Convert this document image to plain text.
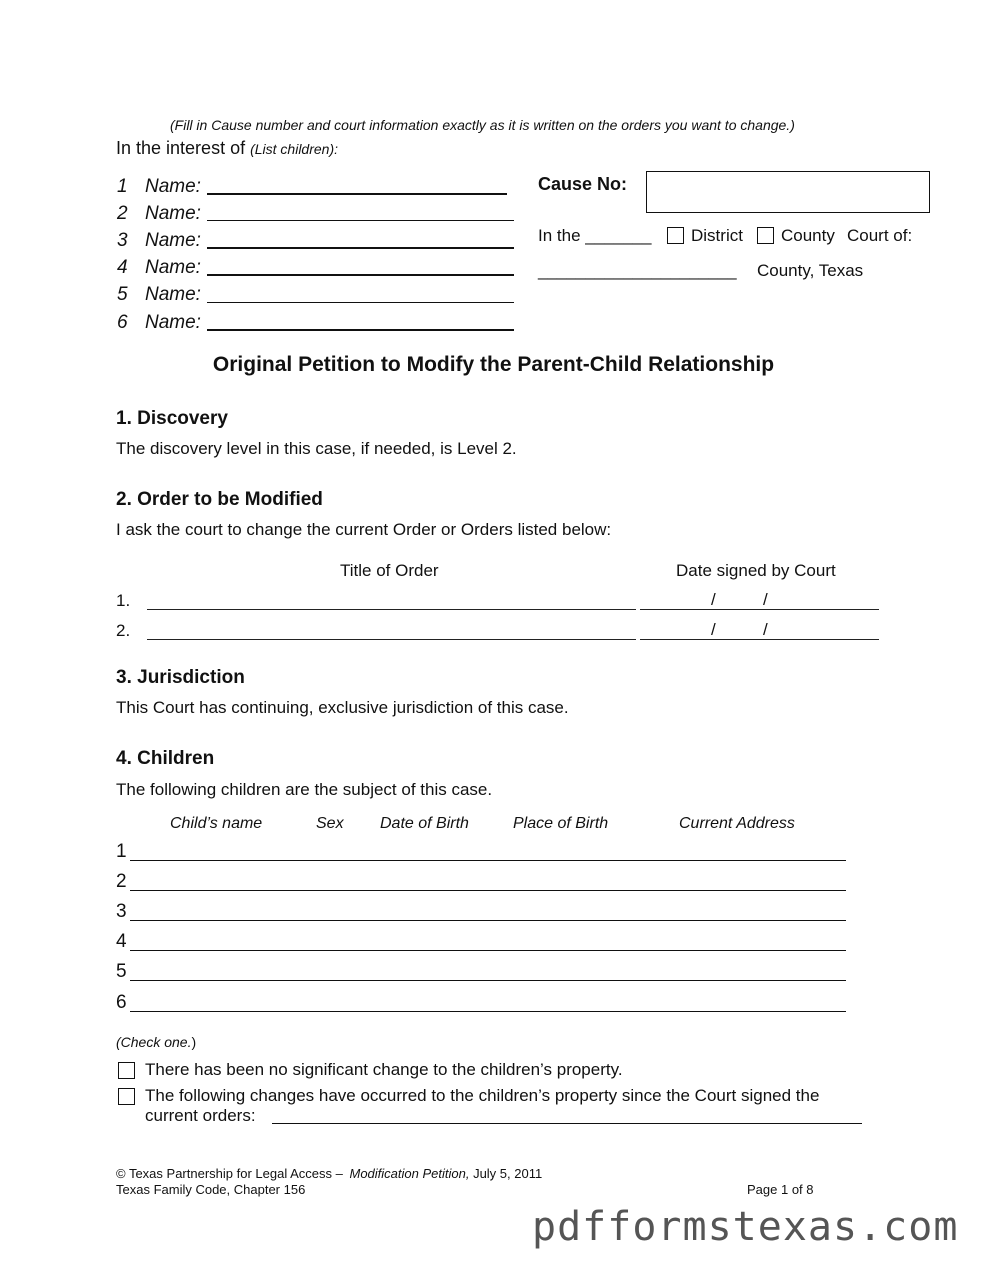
(Fill in Cause number and court information exactly as it is written on the orders you want to change.)
In the interest of (List children):
1 Name:
2 Name:
3 Name:
4 Name:
5 Name:
6 Name:
Cause No:
In the _______ District County Court of:
_____________________ County, Texas
Original Petition to Modify the Parent-Child Relationship
1. Discovery
The discovery level in this case, if needed, is Level 2.
2. Order to be Modified
I ask the court to change the current Order or Orders listed below:
Title of Order	Date signed by Court
1.	/          /
2.	/          /
3. Jurisdiction
This Court has continuing, exclusive jurisdiction of this case.
4. Children
The following children are the subject of this case.
Child’s name	Sex Date of Birth	Place of Birth	Current Address
1
2
3
4
5
6
(Check one.)
There has been no significant change to the children’s property.
The following changes have occurred to the children’s property since the Court signed the
current orders:
© Texas Partnership for Legal Access – Modification Petition, July 5, 2011
Texas Family Code, Chapter 156	Page 1 of 8
pdfformstexas.com
